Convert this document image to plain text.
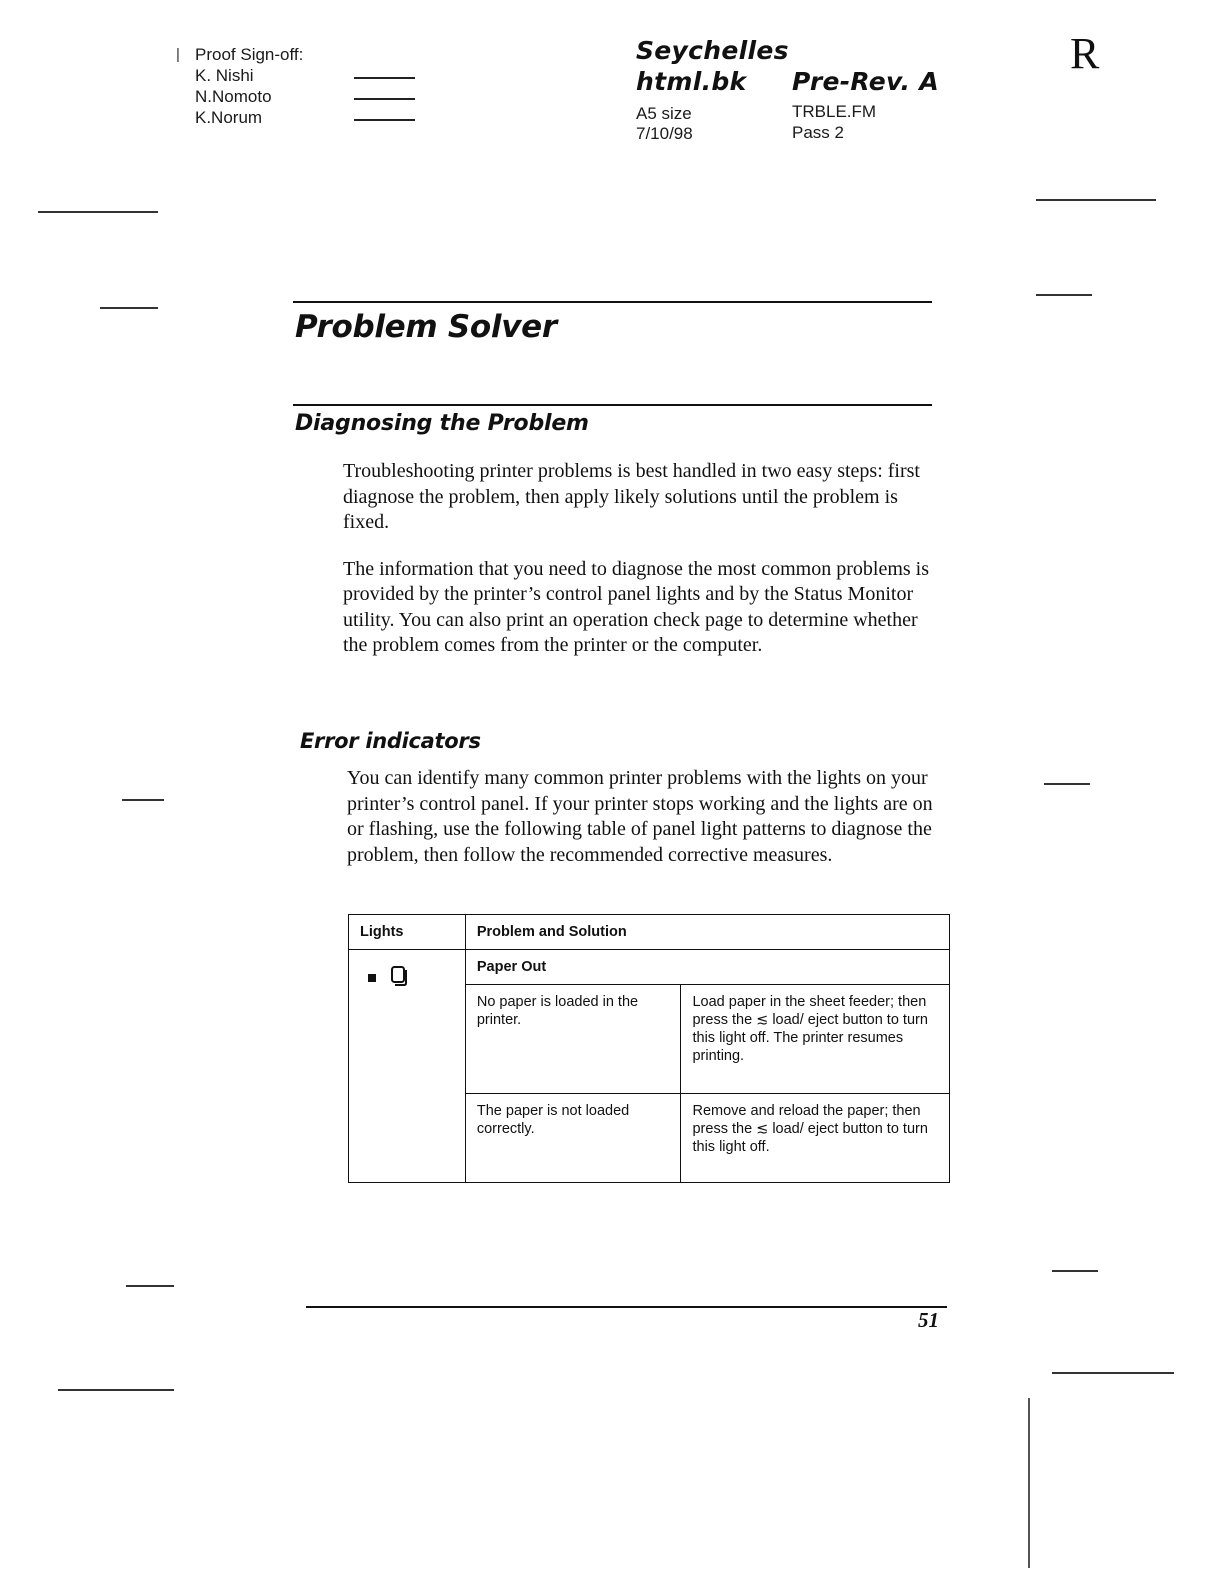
| Proof Sign-off:
K. Nishi
N.Nomoto
K.Norum
Seychelles
html.bk Pre-Rev. A
A5 size
7/10/98
TRBLE.FM
Pass 2
R
Problem Solver
Diagnosing the Problem

Troubleshooting printer problems is best handled in two easy steps: first diagnose the problem, then apply likely solutions until the problem is fixed.

The information that you need to diagnose the most common problems is provided by the printer’s control panel lights and by the Status Monitor utility. You can also print an operation check page to determine whether the problem comes from the printer or the computer.

Error indicators

You can identify many common printer problems with the lights on your printer’s control panel. If your printer stops working and the lights are on or flashing, use the following table of panel light patterns to diagnose the problem, then follow the recommended corrective measures.

Lights	Problem and Solution	

	Paper Out	
	No paper is loaded in the printer.	Load paper in the sheet feeder; then press the ≲ load/ eject button to turn this light off. The printer resumes printing.
	The paper is not loaded correctly.	Remove and reload the paper; then press the ≲ load/ eject button to turn this light off.
51
